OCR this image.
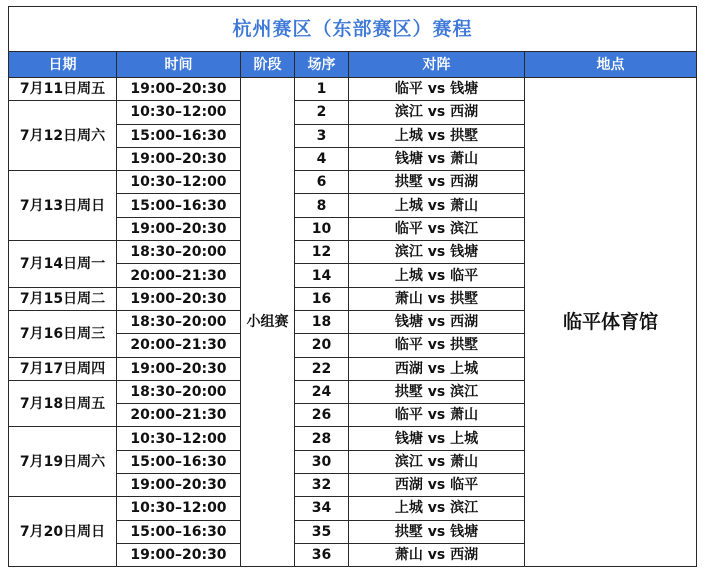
杭州赛区（东部赛区）赛程					
日期	时间	阶段	场序	对阵	地点
7月11日周五	19:00–20:30	小组赛	1	临平 vs 钱塘	临平体育馆
7月12日周六	10:30–12:00		2	滨江 vs 西湖	
	15:00–16:30		3	上城 vs 拱墅	
	19:00–20:30		4	钱塘 vs 萧山	
7月13日周日	10:30–12:00		6	拱墅 vs 西湖	
	15:00–16:30		8	上城 vs 萧山	
	19:00–20:30		10	临平 vs 滨江	
7月14日周一	18:30–20:00		12	滨江 vs 钱塘	
	20:00–21:30		14	上城 vs 临平	
7月15日周二	19:00–20:30		16	萧山 vs 拱墅	
7月16日周三	18:30–20:00		18	钱塘 vs 西湖	
	20:00–21:30		20	临平 vs 拱墅	
7月17日周四	19:00–20:30		22	西湖 vs 上城	
7月18日周五	18:30–20:00		24	拱墅 vs 滨江	
	20:00–21:30		26	临平 vs 萧山	
7月19日周六	10:30–12:00		28	钱塘 vs 上城	
	15:00–16:30		30	滨江 vs 萧山	
	19:00–20:30		32	西湖 vs 临平	
7月20日周日	10:30–12:00		34	上城 vs 滨江	
	15:00–16:30		35	拱墅 vs 钱塘	
	19:00–20:30		36	萧山 vs 西湖	
